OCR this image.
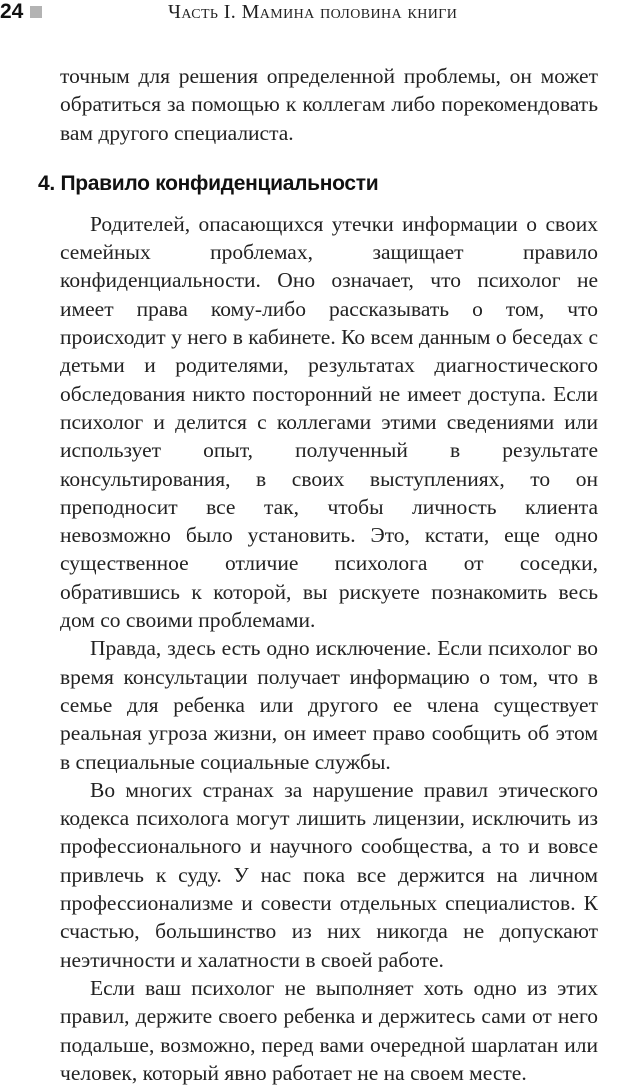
24	Часть I. Мамина половина книги

точным для решения определенной проблемы, он может обратиться за помощью к коллегам либо порекомендовать вам другого специалиста.

4. Правило конфиденциальности

Родителей, опасающихся утечки информации о своих семейных проблемах, защищает правило конфиденциальности. Оно означает, что психолог не имеет права кому-либо рассказывать о том, что происходит у него в кабинете. Ко всем данным о беседах с детьми и родителями, результатах диагностического обследования никто посторонний не имеет доступа. Если психолог и делится с коллегами этими сведениями или использует опыт, полученный в результате консультирования, в своих выступлениях, то он преподносит все так, чтобы личность клиента невозможно было установить. Это, кстати, еще одно существенное отличие психолога от соседки, обратившись к которой, вы рискуете познакомить весь дом со своими проблемами.

Правда, здесь есть одно исключение. Если психолог во время консультации получает информацию о том, что в семье для ребенка или другого ее члена существует реальная угроза жизни, он имеет право сообщить об этом в специальные социальные службы.

Во многих странах за нарушение правил этического кодекса психолога могут лишить лицензии, исключить из профессионального и научного сообщества, а то и вовсе привлечь к суду. У нас пока все держится на личном профессионализме и совести отдельных специалистов. К счастью, большинство из них никогда не допускают неэтичности и халатности в своей работе.

Если ваш психолог не выполняет хоть одно из этих правил, держите своего ребенка и держитесь сами от него подальше, возможно, перед вами очередной шарлатан или человек, который явно работает не на своем месте.
